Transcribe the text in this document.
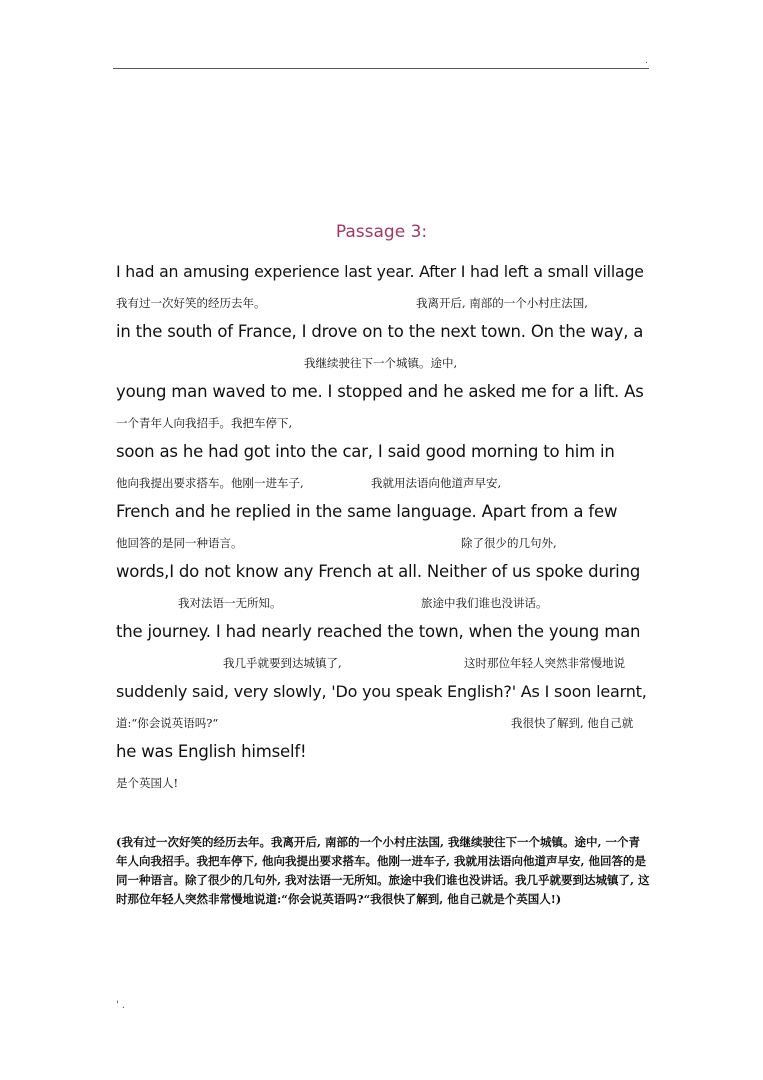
.
Passage 3:
I had an amusing experience last year. After I had left a small village
我有过一次好笑的经历去年。	我离开后, 南部的一个小村庄法国,
in the south of France, I drove on to the next town. On the way, a
我继续驶往下一个城镇。途中,
young man waved to me. I stopped and he asked me for a lift. As
一个青年人向我招手。我把车停下,
soon as he had got into the car, I said good morning to him in
他向我提出要求搭车。他刚一进车子,	我就用法语向他道声早安,
French and he replied in the same language. Apart from a few
他回答的是同一种语言。	除了很少的几句外,
words,I do not know any French at all. Neither of us spoke during
我对法语一无所知。	旅途中我们谁也没讲话。
the journey. I had nearly reached the town, when the young man
我几乎就要到达城镇了,	这时那位年轻人突然非常慢地说
suddenly said, very slowly, 'Do you speak English?' As I soon learnt,
道:“你会说英语吗?“	我很快了解到, 他自己就
he was English himself!
是个英国人!
(我有过一次好笑的经历去年。我离开后, 南部的一个小村庄法国, 我继续驶往下一个城镇。途中, 一个青年人向我招手。我把车停下, 他向我提出要求搭车。他刚一进车子, 我就用法语向他道声早安, 他回答的是同一种语言。除了很少的几句外, 我对法语一无所知。旅途中我们谁也没讲话。我几乎就要到达城镇了, 这时那位年轻人突然非常慢地说道:“你会说英语吗?“我很快了解到, 他自己就是个英国人!)
' .
